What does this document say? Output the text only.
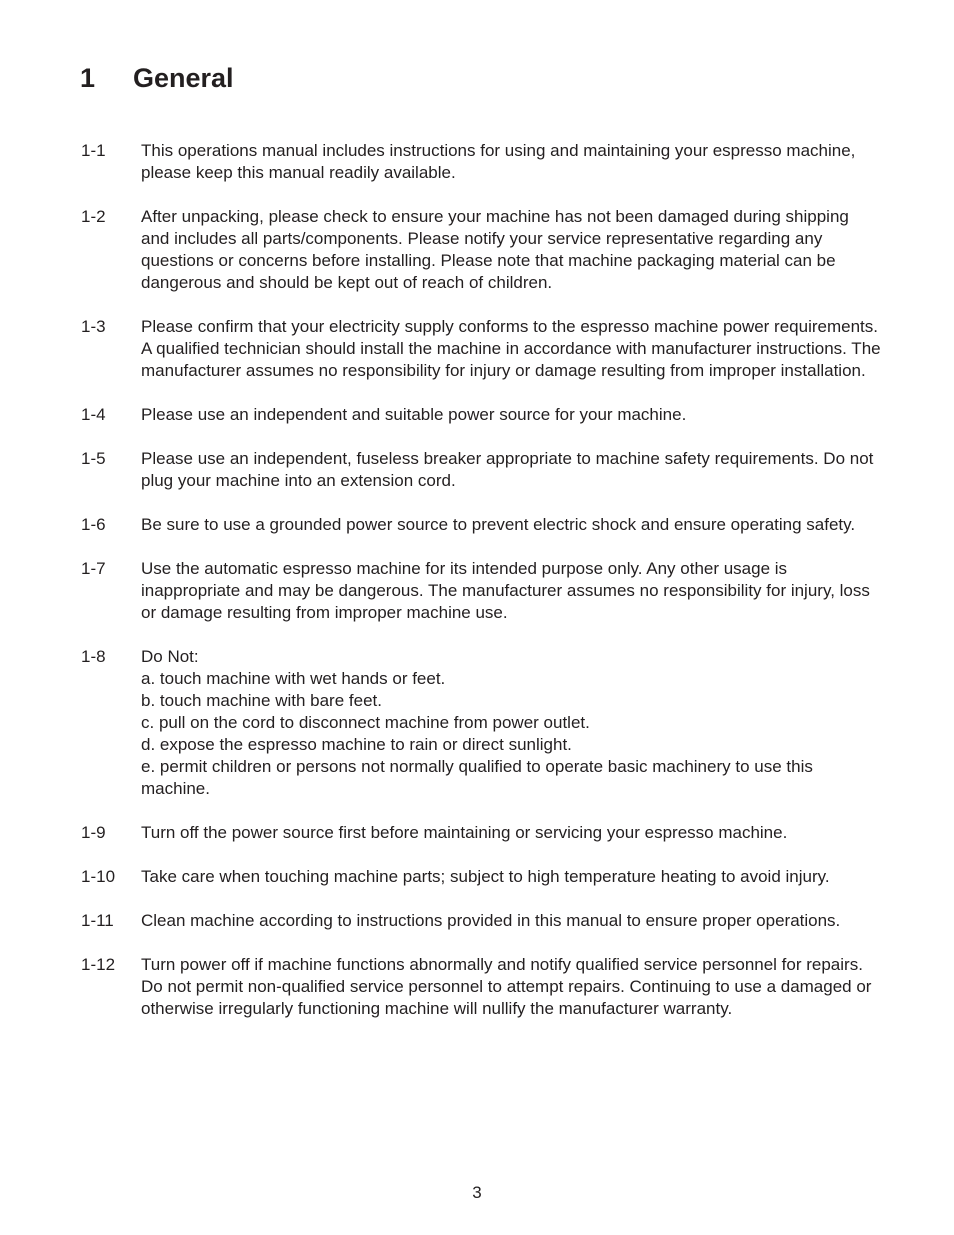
1 General
1-1 This operations manual includes instructions for using and maintaining your espresso machine, please keep this manual readily available.
1-2 After unpacking, please check to ensure your machine has not been damaged during shipping and includes all parts/components. Please notify your service representative regarding any questions or concerns before installing. Please note that machine packaging material can be dangerous and should be kept out of reach of children.
1-3 Please confirm that your electricity supply conforms to the espresso machine power requirements. A qualified technician should install the machine in accordance with manufacturer instructions. The manufacturer assumes no responsibility for injury or damage resulting from improper installation.
1-4 Please use an independent and suitable power source for your machine.
1-5 Please use an independent, fuseless breaker appropriate to machine safety requirements. Do not plug your machine into an extension cord.
1-6 Be sure to use a grounded power source to prevent electric shock and ensure operating safety.
1-7 Use the automatic espresso machine for its intended purpose only. Any other usage is inappropriate and may be dangerous. The manufacturer assumes no responsibility for injury, loss or damage resulting from improper machine use.
1-8 Do Not:
a. touch machine with wet hands or feet.
b. touch machine with bare feet.
c. pull on the cord to disconnect machine from power outlet.
d. expose the espresso machine to rain or direct sunlight.
e. permit children or persons not normally qualified to operate basic machinery to use this machine.
1-9 Turn off the power source first before maintaining or servicing your espresso machine.
1-10 Take care when touching machine parts; subject to high temperature heating to avoid injury.
1-11 Clean machine according to instructions provided in this manual to ensure proper operations.
1-12 Turn power off if machine functions abnormally and notify qualified service personnel for repairs. Do not permit non-qualified service personnel to attempt repairs. Continuing to use a damaged or otherwise irregularly functioning machine will nullify the manufacturer warranty.
3
